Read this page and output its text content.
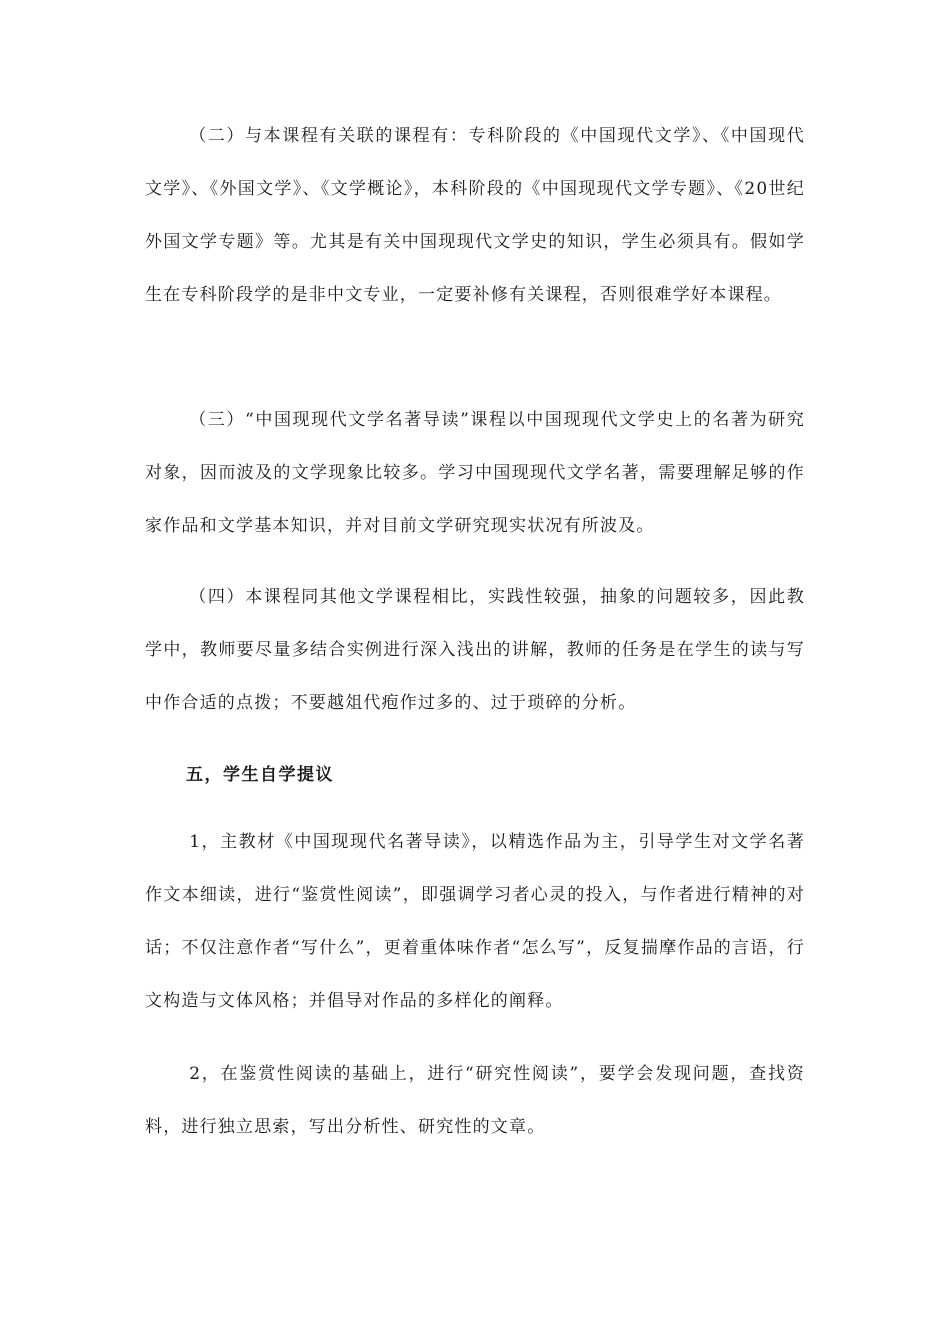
（二）与本课程有关联的课程有：专科阶段的《中国现代文学》、《中国现代文学》、《外国文学》、《文学概论》，本科阶段的《中国现现代文学专题》、《20世纪外国文学专题》等。尤其是有关中国现现代文学史的知识，学生必须具有。假如学生在专科阶段学的是非中文专业，一定要补修有关课程，否则很难学好本课程。

（三）“中国现现代文学名著导读”课程以中国现现代文学史上的名著为研究对象，因而波及的文学现象比较多。学习中国现现代文学名著，需要理解足够的作家作品和文学基本知识，并对目前文学研究现实状况有所波及。

（四）本课程同其他文学课程相比，实践性较强，抽象的问题较多，因此教学中，教师要尽量多结合实例进行深入浅出的讲解，教师的任务是在学生的读与写中作合适的点拨；不要越俎代疱作过多的、过于琐碎的分析。

五，学生自学提议

1，主教材《中国现现代名著导读》，以精选作品为主，引导学生对文学名著作文本细读，进行“鉴赏性阅读”，即强调学习者心灵的投入，与作者进行精神的对话；不仅注意作者“写什么”，更着重体味作者“怎么写”，反复揣摩作品的言语，行文构造与文体风格；并倡导对作品的多样化的阐释。

2，在鉴赏性阅读的基础上，进行“研究性阅读”，要学会发现问题，查找资料，进行独立思索，写出分析性、研究性的文章。
